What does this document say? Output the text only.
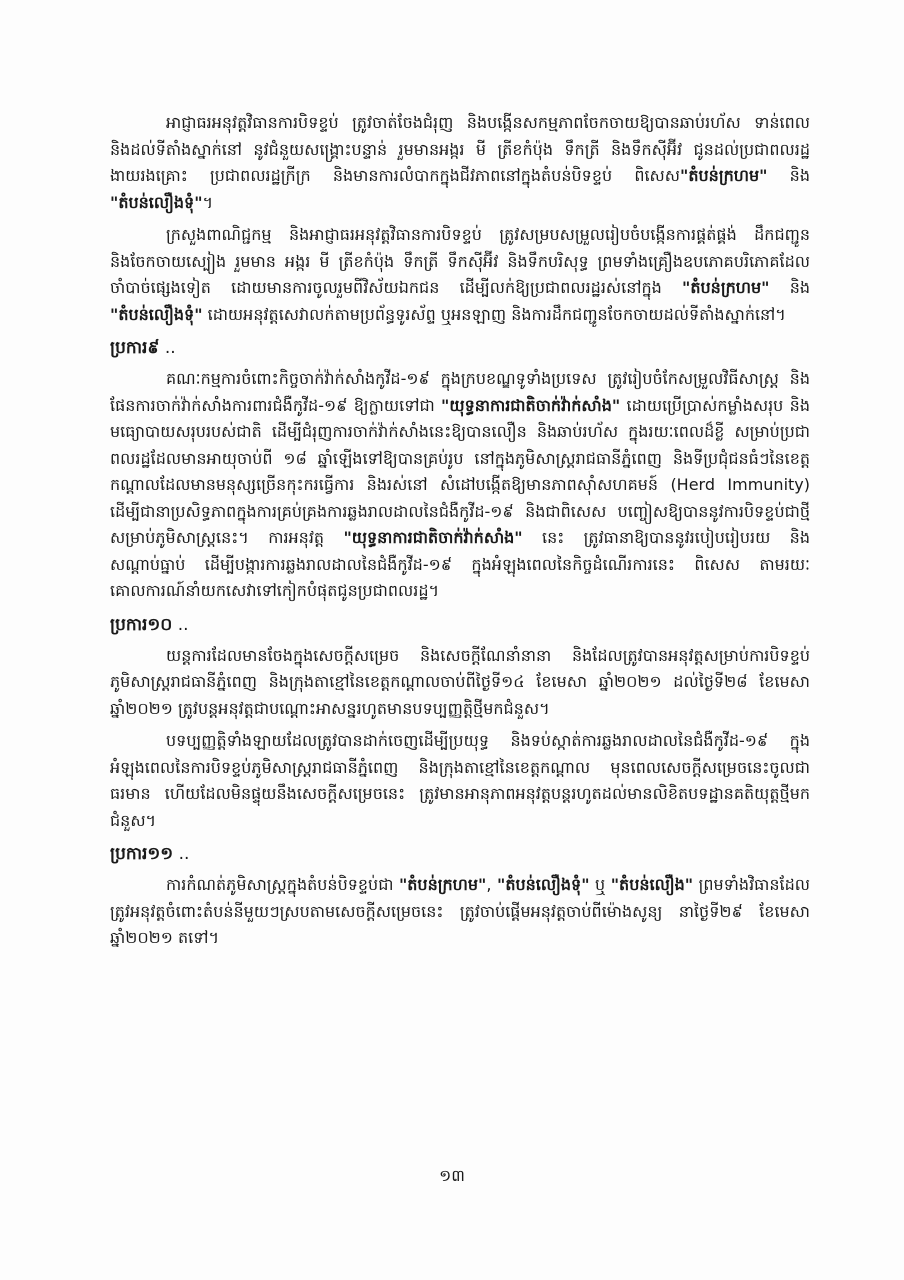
អាជ្ញាធរអនុវត្តវិធានការបិទខ្ទប់ ត្រូវចាត់ចែងជំរុញ និងបង្កើនសកម្មភាពចែកចាយឱ្យបានឆាប់រហ័ស ទាន់ពេល និងដល់ទីតាំងស្នាក់នៅ នូវជំនួយសង្គ្រោះបន្ទាន់ រួមមានអង្ករ មី ត្រីខកំប៉ុង ទឹកត្រី និងទឹកស៊ីអ៊ីវ ជូនដល់ប្រជាពលរដ្ឋងាយរងគ្រោះ ប្រជាពលរដ្ឋក្រីក្រ និងមានការលំបាកក្នុងជីវភាពនៅក្នុងតំបន់បិទខ្ទប់ ពិសេស"តំបន់ក្រហម" និង "តំបន់លឿងទុំ"។

ក្រសួងពាណិជ្ជកម្ម និងអាជ្ញាធរអនុវត្តវិធានការបិទខ្ទប់ ត្រូវសម្របសម្រួលរៀបចំបង្កើនការផ្គត់ផ្គង់ ដឹកជញ្ជូន និងចែកចាយស្បៀង រួមមាន អង្ករ មី ត្រីខកំប៉ុង ទឹកត្រី ទឹកស៊ីអ៊ីវ និងទឹកបរិសុទ្ធ ព្រមទាំងគ្រឿងឧបភោគបរិភោគដែលចាំបាច់ផ្សេងទៀត ដោយមានការចូលរួមពីវិស័យឯកជន ដើម្បីលក់ឱ្យប្រជាពលរដ្ឋរស់នៅក្នុង "តំបន់ក្រហម" និង "តំបន់លឿងទុំ" ដោយអនុវត្តសេវាលក់តាមប្រព័ន្ធទូរស័ព្ទ ឬអនឡាញ និងការដឹកជញ្ជូនចែកចាយដល់ទីតាំងស្នាក់នៅ។

ប្រការ៩ ..

គណៈកម្មការចំពោះកិច្ចចាក់វ៉ាក់សាំងកូវីដ-១៩ ក្នុងក្របខណ្ឌទូទាំងប្រទេស ត្រូវរៀបចំកែសម្រួលវិធីសាស្ត្រ និងផែនការចាក់វ៉ាក់សាំងការពារជំងឺកូវីដ-១៩ ឱ្យក្លាយទៅជា "យុទ្ធនាការជាតិចាក់វ៉ាក់សាំង" ដោយប្រើប្រាស់កម្លាំងសរុប និងមធ្យោបាយសរុបរបស់ជាតិ ដើម្បីជំរុញការចាក់វ៉ាក់សាំងនេះឱ្យបានលឿន និងឆាប់រហ័ស ក្នុងរយៈពេលដ៏ខ្លី សម្រាប់ប្រជាពលរដ្ឋដែលមានអាយុចាប់ពី ១៨ ឆ្នាំឡើងទៅឱ្យបានគ្រប់រូប នៅក្នុងភូមិសាស្ត្ររាជធានីភ្នំពេញ និងទីប្រជុំជនធំៗនៃខេត្តកណ្ដាលដែលមានមនុស្សច្រើនកុះករធ្វើការ និងរស់នៅ សំដៅបង្កើតឱ្យមានភាពស៊ាំសហគមន៍ (Herd Immunity) ដើម្បីជានាប្រសិទ្ធភាពក្នុងការគ្រប់គ្រងការឆ្លងរាលដាលនៃជំងឺកូវីដ-១៩ និងជាពិសេស បញ្ចៀសឱ្យបាននូវការបិទខ្ទប់ជាថ្មីសម្រាប់ភូមិសាស្ត្រនេះ។ ការអនុវត្ត "យុទ្ធនាការជាតិចាក់វ៉ាក់សាំង" នេះ ត្រូវធានាឱ្យបាននូវរបៀបរៀបរយ និងសណ្ដាប់ធ្នាប់ ដើម្បីបង្ការការឆ្លងរាលដាលនៃជំងឺកូវីដ-១៩ ក្នុងអំឡុងពេលនៃកិច្ចដំណើរការនេះ ពិសេស តាមរយៈគោលការណ៍នាំយកសេវាទៅកៀកបំផុតជូនប្រជាពលរដ្ឋ។

ប្រការ១០ ..

យន្តការដែលមានចែងក្នុងសេចក្ដីសម្រេច និងសេចក្ដីណែនាំនានា និងដែលត្រូវបានអនុវត្តសម្រាប់ការបិទខ្ទប់ភូមិសាស្ត្ររាជធានីភ្នំពេញ និងក្រុងតាខ្មៅនៃខេត្តកណ្ដាលចាប់ពីថ្ងៃទី១៤ ខែមេសា ឆ្នាំ២០២១ ដល់ថ្ងៃទី២៨ ខែមេសា ឆ្នាំ២០២១ ត្រូវបន្តអនុវត្តជាបណ្ដោះអាសន្នរហូតមានបទប្បញ្ញត្តិថ្មីមកជំនួស។

បទប្បញ្ញត្តិទាំងឡាយដែលត្រូវបានដាក់ចេញដើម្បីប្រយុទ្ធ និងទប់ស្កាត់ការឆ្លងរាលដាលនៃជំងឺកូវីដ-១៩ ក្នុងអំឡុងពេលនៃការបិទខ្ទប់ភូមិសាស្ត្ររាជធានីភ្នំពេញ និងក្រុងតាខ្មៅនៃខេត្តកណ្ដាល មុនពេលសេចក្ដីសម្រេចនេះចូលជាធរមាន ហើយដែលមិនផ្ទុយនឹងសេចក្ដីសម្រេចនេះ ត្រូវមានអានុភាពអនុវត្តបន្តរហូតដល់មានលិខិតបទដ្ឋានគតិយុត្តថ្មីមកជំនួស។

ប្រការ១១ ..

ការកំណត់ភូមិសាស្ត្រក្នុងតំបន់បិទខ្ទប់ជា "តំបន់ក្រហម", "តំបន់លឿងទុំ" ឬ "តំបន់លឿង" ព្រមទាំងវិធានដែលត្រូវអនុវត្តចំពោះតំបន់នីមួយៗស្របតាមសេចក្ដីសម្រេចនេះ ត្រូវចាប់ផ្ដើមអនុវត្តចាប់ពីម៉ោងសូន្យ នាថ្ងៃទី២៩ ខែមេសា ឆ្នាំ២០២១ តទៅ។

១៣
